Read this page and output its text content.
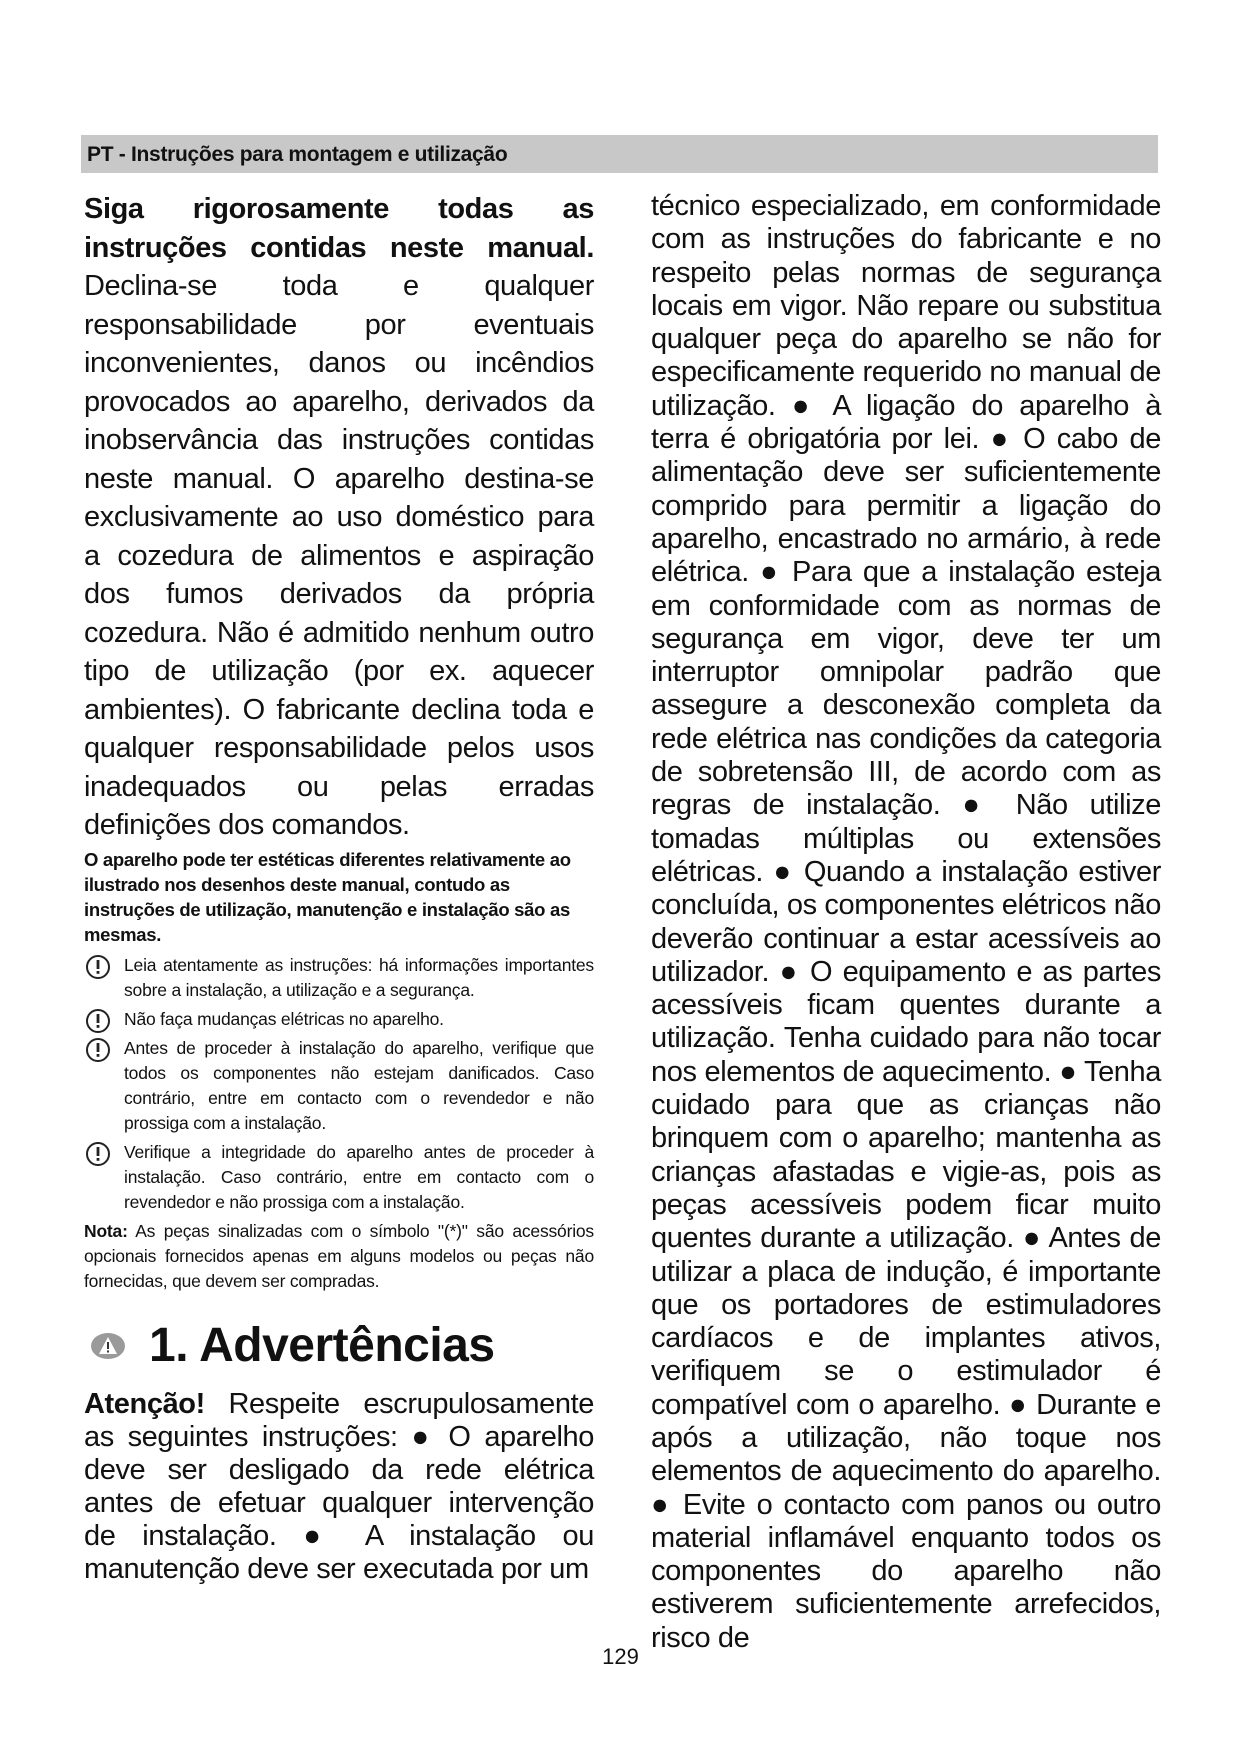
PT - Instruções para montagem e utilização

Siga rigorosamente todas as instruções contidas neste manual. Declina-se toda e qualquer responsabilidade por eventuais inconvenientes, danos ou incêndios provocados ao aparelho, derivados da inobservância das instruções contidas neste manual. O aparelho destina-se exclusivamente ao uso doméstico para a cozedura de alimentos e aspiração dos fumos derivados da própria cozedura. Não é admitido nenhum outro tipo de utilização (por ex. aquecer ambientes). O fabricante declina toda e qualquer responsabilidade pelos usos inadequados ou pelas erradas definições dos comandos.

O aparelho pode ter estéticas diferentes relativamente ao ilustrado nos desenhos deste manual, contudo as instruções de utilização, manutenção e instalação são as mesmas.

Leia atentamente as instruções: há informações importantes sobre a instalação, a utilização e a segurança.
Não faça mudanças elétricas no aparelho.
Antes de proceder à instalação do aparelho, verifique que todos os componentes não estejam danificados. Caso contrário, entre em contacto com o revendedor e não prossiga com a instalação.
Verifique a integridade do aparelho antes de proceder à instalação. Caso contrário, entre em contacto com o revendedor e não prossiga com a instalação.

Nota: As peças sinalizadas com o símbolo "(*)" são acessórios opcionais fornecidos apenas em alguns modelos ou peças não fornecidas, que devem ser compradas.

1. Advertências

Atenção! Respeite escrupulosamente as seguintes instruções: ● O aparelho deve ser desligado da rede elétrica antes de efetuar qualquer intervenção de instalação. ● A instalação ou manutenção deve ser executada por um

técnico especializado, em conformidade com as instruções do fabricante e no respeito pelas normas de segurança locais em vigor. Não repare ou substitua qualquer peça do aparelho se não for especificamente requerido no manual de utilização. ● A ligação do aparelho à terra é obrigatória por lei. ● O cabo de alimentação deve ser suficientemente comprido para permitir a ligação do aparelho, encastrado no armário, à rede elétrica. ● Para que a instalação esteja em conformidade com as normas de segurança em vigor, deve ter um interruptor omnipolar padrão que assegure a desconexão completa da rede elétrica nas condições da categoria de sobretensão III, de acordo com as regras de instalação. ● Não utilize tomadas múltiplas ou extensões elétricas. ● Quando a instalação estiver concluída, os componentes elétricos não deverão continuar a estar acessíveis ao utilizador. ● O equipamento e as partes acessíveis ficam quentes durante a utilização. Tenha cuidado para não tocar nos elementos de aquecimento. ● Tenha cuidado para que as crianças não brinquem com o aparelho; mantenha as crianças afastadas e vigie-as, pois as peças acessíveis podem ficar muito quentes durante a utilização. ● Antes de utilizar a placa de indução, é importante que os portadores de estimuladores cardíacos e de implantes ativos, verifiquem se o estimulador é compatível com o aparelho. ● Durante e após a utilização, não toque nos elementos de aquecimento do aparelho. ● Evite o contacto com panos ou outro material inflamável enquanto todos os componentes do aparelho não estiverem suficientemente arrefecidos, risco de

129
